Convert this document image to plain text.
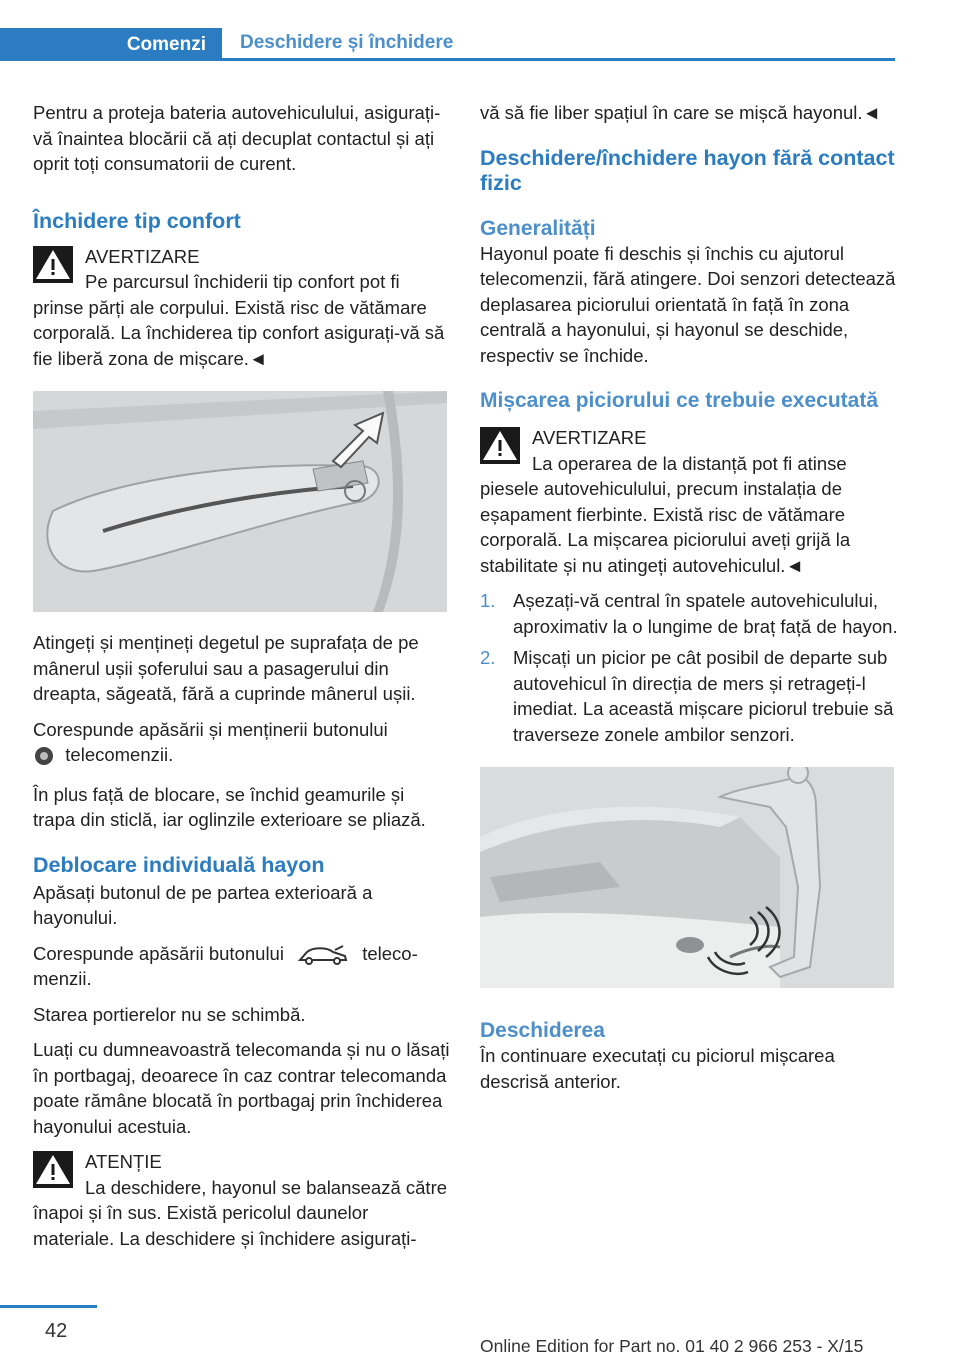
Comenzi	Deschidere și închidere

Pentru a proteja bateria autovehiculului, asigurați-vă înaintea blocării că ați decuplat contactul și ați oprit toți consumatorii de curent.

Închidere tip confort
AVERTIZARE
Pe parcursul închiderii tip confort pot fi prinse părți ale corpului. Există risc de vătămare corporală. La închiderea tip confort asigurați-vă să fie liberă zona de mișcare.◄

Atingeți și mențineți degetul pe suprafața de pe mânerul ușii șoferului sau a pasagerului din dreapta, săgeată, fără a cuprinde mânerul ușii.

Corespunde apăsării și menținerii butonului
telecomenzii.

În plus față de blocare, se închid geamurile și trapa din sticlă, iar oglinzile exterioare se pliază.

Deblocare individuală hayon

Apăsați butonul de pe partea exterioară a hayonului.

Corespunde apăsării butonului	telecomenzii.

Starea portierelor nu se schimbă.

Luați cu dumneavoastră telecomanda și nu o lăsați în portbagaj, deoarece în caz contrar telecomanda poate rămâne blocată în portbagaj prin închiderea hayonului acestuia.

ATENȚIE
La deschidere, hayonul se balansează către înapoi și în sus. Există pericolul daunelor materiale. La deschidere și închidere asigurați-

vă să fie liber spațiul în care se mișcă hayonul.◄

Deschidere/închidere hayon fără contact fizic
Generalități

Hayonul poate fi deschis și închis cu ajutorul telecomenzii, fără atingere. Doi senzori detectează deplasarea piciorului orientată în față în zona centrală a hayonului, și hayonul se deschide, respectiv se închide.

Mișcarea piciorului ce trebuie executată
AVERTIZARE
La operarea de la distanță pot fi atinse piesele autovehiculului, precum instalația de eșapament fierbinte. Există risc de vătămare corporală. La mișcarea piciorului aveți grijă la stabilitate și nu atingeți autovehiculul.◄
1. Așezați-vă central în spatele autovehiculului, aproximativ la o lungime de braț față de hayon.
2. Mișcați un picior pe cât posibil de departe sub autovehicul în direcția de mers și retrageți-l imediat. La această mișcare piciorul trebuie să traverseze zonele ambilor senzori.
Deschiderea

În continuare executați cu piciorul mișcarea descrisă anterior.

42
Online Edition for Part no. 01 40 2 966 253 - X/15
